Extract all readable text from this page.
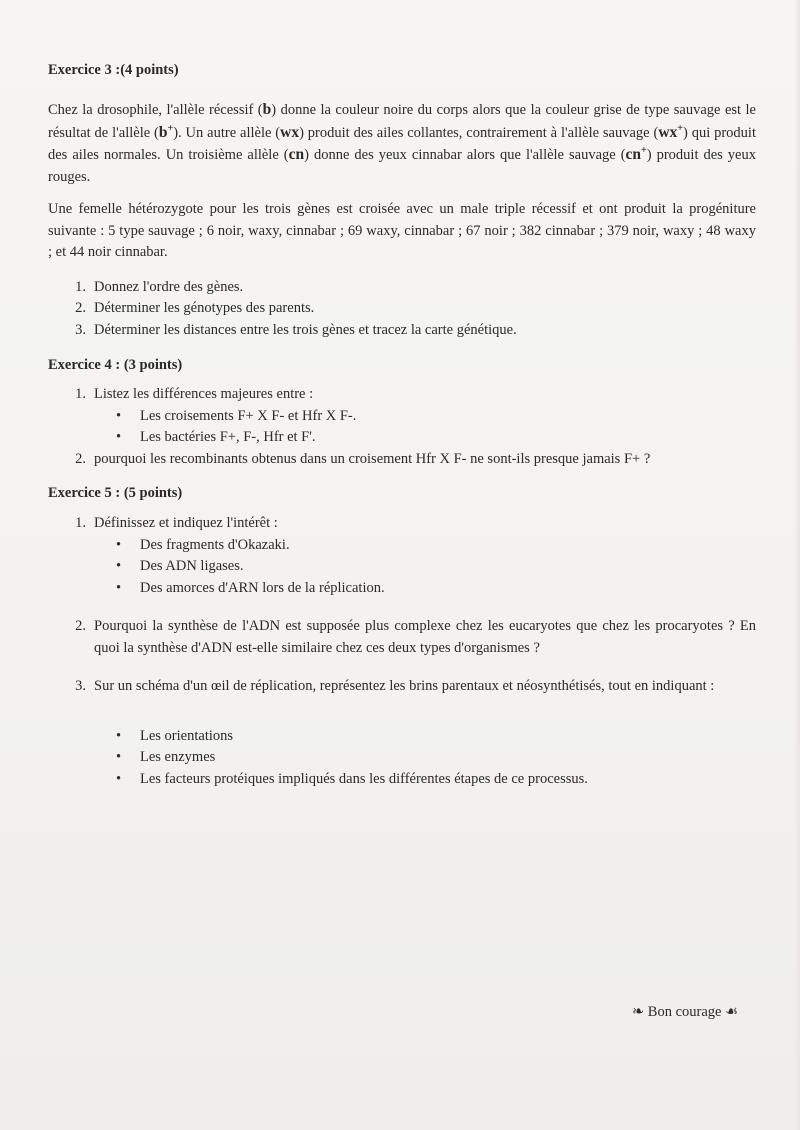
Exercice 3 :(4 points)

Chez la drosophile, l'allèle récessif (b) donne la couleur noire du corps alors que la couleur grise de type sauvage est le résultat de l'allèle (b+). Un autre allèle (wx) produit des ailes collantes, contrairement à l'allèle sauvage (wx+) qui produit des ailes normales. Un troisième allèle (cn) donne des yeux cinnabar alors que l'allèle sauvage (cn+) produit des yeux rouges.

Une femelle hétérozygote pour les trois gènes est croisée avec un male triple récessif et ont produit la progéniture suivante : 5 type sauvage ; 6 noir, waxy, cinnabar ; 69 waxy, cinnabar ; 67 noir ; 382 cinnabar ; 379 noir, waxy ; 48 waxy ; et 44 noir cinnabar.

1. Donnez l'ordre des gènes.
2. Déterminer les génotypes des parents.
3. Déterminer les distances entre les trois gènes et tracez la carte génétique.

Exercice 4 : (3 points)

1. Listez les différences majeures entre :
•	Les croisements F+ X F- et Hfr X F-.
•	Les bactéries F+, F-, Hfr et F'.
2. pourquoi les recombinants obtenus dans un croisement Hfr X F- ne sont-ils presque jamais F+ ?

Exercice 5 : (5 points)

1. Définissez et indiquez l'intérêt :
•	Des fragments d'Okazaki.
•	Des ADN ligases.
•	Des amorces d'ARN lors de la réplication.
2. Pourquoi la synthèse de l'ADN est supposée plus complexe chez les eucaryotes que chez les procaryotes ? En quoi la synthèse d'ADN est-elle similaire chez ces deux types d'organismes ?
3. Sur un schéma d'un œil de réplication, représentez les brins parentaux et néosynthétisés, tout en indiquant :
•	Les orientations
•	Les enzymes
•	Les facteurs protéiques impliqués dans les différentes étapes de ce processus.
❧ Bon courage ☙
